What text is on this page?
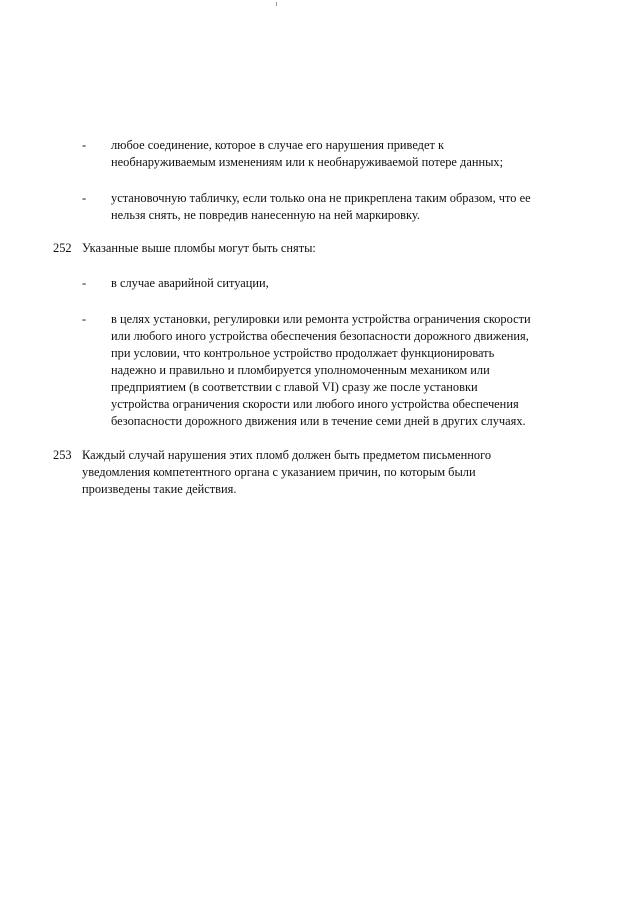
- любое соединение, которое в случае его нарушения приведет к
необнаруживаемым изменениям или к необнаруживаемой потере данных;
- установочную табличку, если только она не прикреплена таким образом, что ее
нельзя снять, не повредив нанесенную на ней маркировку.
252 Указанные выше пломбы могут быть сняты:
- в случае аварийной ситуации,
- в целях установки, регулировки или ремонта устройства ограничения скорости
или любого иного устройства обеспечения безопасности дорожного движения,
при условии, что контрольное устройство продолжает функционировать
надежно и правильно и пломбируется уполномоченным механиком или
предприятием (в соответствии с главой VI) сразу же после установки
устройства ограничения скорости или любого иного устройства обеспечения
безопасности дорожного движения или в течение семи дней в других случаях.
253 Каждый случай нарушения этих пломб должен быть предметом письменного
уведомления компетентного органа с указанием причин, по которым были
произведены такие действия.
